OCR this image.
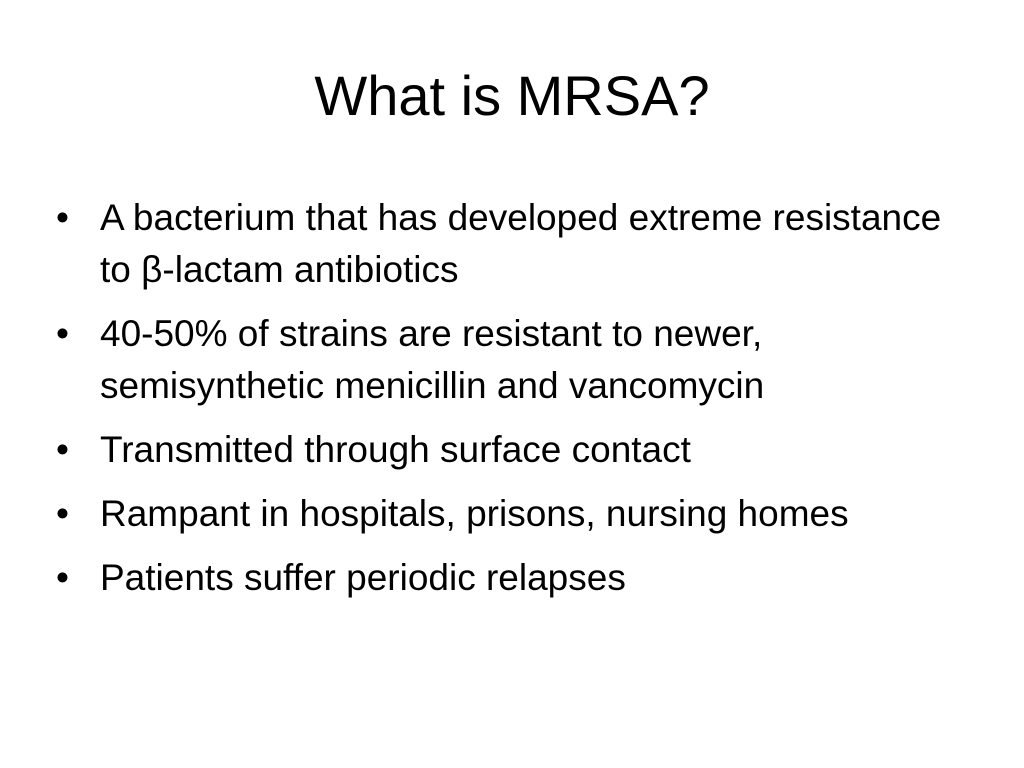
What is MRSA?
• A bacterium that has developed extreme resistance to β-lactam antibiotics
• 40-50% of strains are resistant to newer, semisynthetic menicillin and vancomycin
• Transmitted through surface contact
• Rampant in hospitals, prisons, nursing homes
• Patients suffer periodic relapses
